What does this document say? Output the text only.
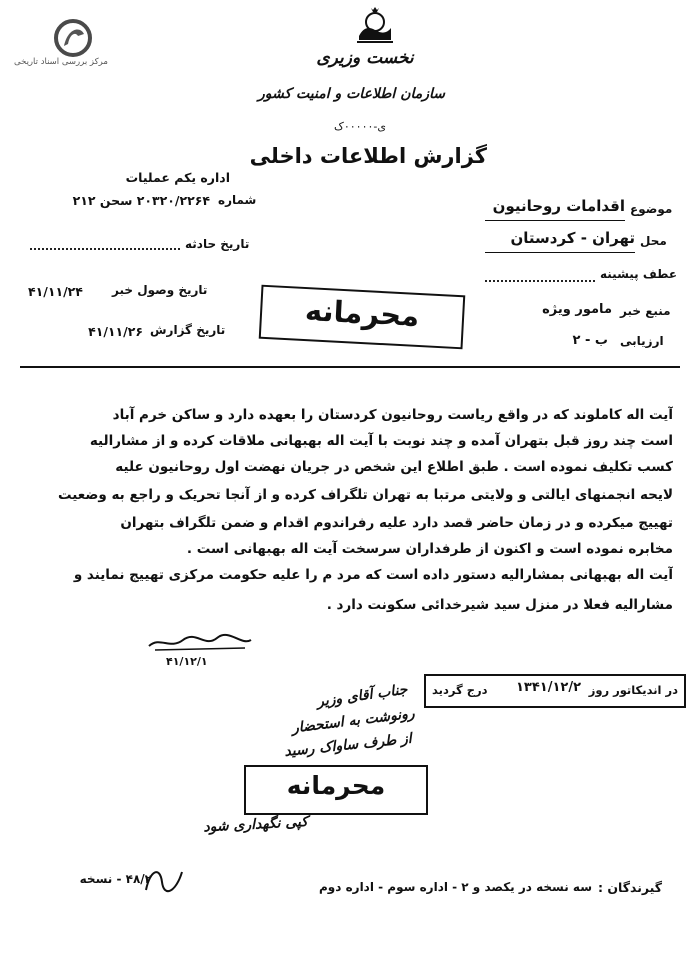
مرکز بررسی اسناد تاریخی	نخست وزیری
سازمان اطلاعات و امنیت کشور
ی-۰۰۰۰۰ک
گزارش اطلاعات داخلی
اداره یکم عملیات
شماره
۲۰۳۲۰/۲۲۶۴ سحن ۲۱۲
تاریخ حادثه
تاریخ وصول خبر
۴۱/۱۱/۲۴
تاریخ گزارش
۴۱/۱۱/۲۶
موضوع
اقدامات روحانیون
محل
تهران - کردستان
عطف پیشینه
منبع خبر
مامور ویژه
ارزیابی
ب - ۲
محرمانه
آیت اله کاملوند که در واقع ریاست روحانیون کردستان را بعهده دارد و ساکن خرم آباد
است چند روز قبل بتهران آمده و چند نوبت با آیت اله بهبهانی ملاقات کرده و از مشارالیه
کسب تکلیف نموده است . طبق اطلاع این شخص در جریان نهضت اول روحانیون علیه
لایحه انجمنهای ایالتی و ولایتی مرتبا به تهران تلگراف کرده و از آنجا تحریک و راجع به وضعیت
تهییج میکرده و در زمان حاضر قصد دارد علیه رفراندوم اقدام و ضمن تلگراف بتهران
مخابره نموده است و اکنون از طرفداران سرسخت آیت اله بهبهانی است .
آیت اله بهبهانی بمشارالیه دستور داده است که مرد م را علیه حکومت مرکزی تهییج نمایند و
مشارالیه فعلا در منزل سید شیرخدائی سکونت دارد .
۴۱/۱۲/۱
در اندیکاتور روز
۱۳۴۱/۱۲/۲
درج گردید
جناب آقای وزیر
رونوشت به استحضار
از طرف ساواک رسید
محرمانه
کپی نگهداری شود
گیرندگان :
سه نسخه در یکصد و ۲ - اداره سوم - اداره دوم
۴۸/۲ - نسخه
